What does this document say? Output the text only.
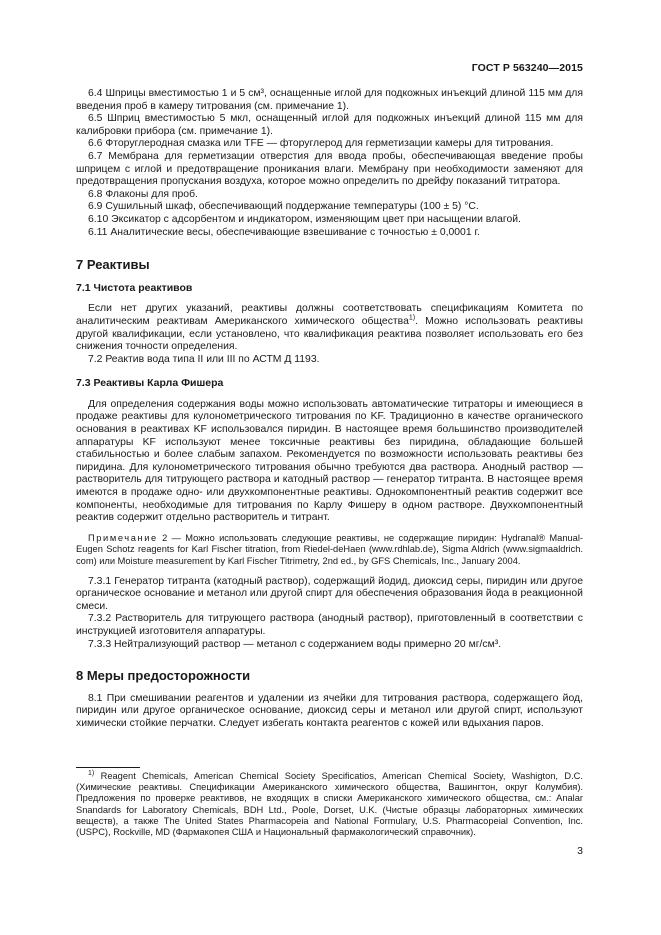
ГОСТ Р 563240—2015
6.4 Шприцы вместимостью 1 и 5 см³, оснащенные иглой для подкожных инъекций длиной 115 мм для введения проб в камеру титрования (см. примечание 1).
6.5 Шприц вместимостью 5 мкл, оснащенный иглой для подкожных инъекций длиной 115 мм для калибровки прибора (см. примечание 1).
6.6 Фторуглеродная смазка или TFE — фторуглерод для герметизации камеры для титрования.
6.7 Мембрана для герметизации отверстия для ввода пробы, обеспечивающая введение пробы шприцем с иглой и предотвращение проникания влаги. Мембрану при необходимости заменяют для предотвращения пропускания воздуха, которое можно определить по дрейфу показаний титратора.
6.8 Флаконы для проб.
6.9 Сушильный шкаф, обеспечивающий поддержание температуры (100 ± 5) °С.
6.10 Эксикатор с адсорбентом и индикатором, изменяющим цвет при насыщении влагой.
6.11 Аналитические весы, обеспечивающие взвешивание с точностью ± 0,0001 г.
7 Реактивы
7.1 Чистота реактивов
Если нет других указаний, реактивы должны соответствовать спецификациям Комитета по аналитическим реактивам Американского химического общества$^{1)}$. Можно использовать реактивы другой квалификации, если установлено, что квалификация реактива позволяет использовать его без снижения точности определения.
7.2 Реактив вода типа II или III по АСТМ Д 1193.
7.3 Реактивы Карла Фишера
Для определения содержания воды можно использовать автоматические титраторы и имеющиеся в продаже реактивы для кулонометрического титрования по KF. Традиционно в качестве органического основания в реактивах KF использовался пиридин. В настоящее время большинство производителей аппаратуры KF используют менее токсичные реактивы без пиридина, обладающие большей стабильностью и более слабым запахом. Рекомендуется по возможности использовать реактивы без пиридина. Для кулонометрического титрования обычно требуются два раствора. Анодный раствор — растворитель для титрующего раствора и катодный раствор — генератор титранта. В настоящее время имеются в продаже одно- или двухкомпонентные реактивы. Однокомпонентный реактив содержит все компоненты, необходимые для титрования по Карлу Фишеру в одном растворе. Двухкомпонентный реактив содержит отдельно растворитель и титрант.
Примечание 2 — Можно использовать следующие реактивы, не содержащие пиридин: Hydranal® Manual- Eugen Schotz reagents for Karl Fischer titration, from Riedel-deHaen (www.rdhlab.de), Sigma Aldrich (www.sigmaaldrich. com) или Moisture measurement by Karl Fischer Titrimetry, 2nd ed., by GFS Chemicals, Inc., January 2004.
7.3.1 Генератор титранта (катодный раствор), содержащий йодид, диоксид серы, пиридин или другое органическое основание и метанол или другой спирт для обеспечения образования йода в реакционной смеси.
7.3.2 Растворитель для титрующего раствора (анодный раствор), приготовленный в соответствии с инструкцией изготовителя аппаратуры.
7.3.3 Нейтрализующий раствор — метанол с содержанием воды примерно 20 мг/см³.
8 Меры предосторожности
8.1 При смешивании реагентов и удалении из ячейки для титрования раствора, содержащего йод, пиридин или другое органическое основание, диоксид серы и метанол или другой спирт, используют химически стойкие перчатки. Следует избегать контакта реагентов с кожей или вдыхания паров.
$^{1)}$ Reagent Chemicals, American Chemical Society Specificatios, American Chemical Society, Washigton, D.C. (Химические реактивы. Спецификации Американского химического общества, Вашингтон, округ Колумбия). Предложения по проверке реактивов, не входящих в списки Американского химического общества, см.: Analar Snandards for Laboratory Chemicals, BDH Ltd., Poole, Dorset, U.K. (Чистые образцы лабораторных химических веществ), а также The United States Pharmacopeia and National Formulary, U.S. Pharmacopeial Convention, Inc. (USPC), Rockville, MD (Фармакопея США и Национальный фармакологический справочник).
3
